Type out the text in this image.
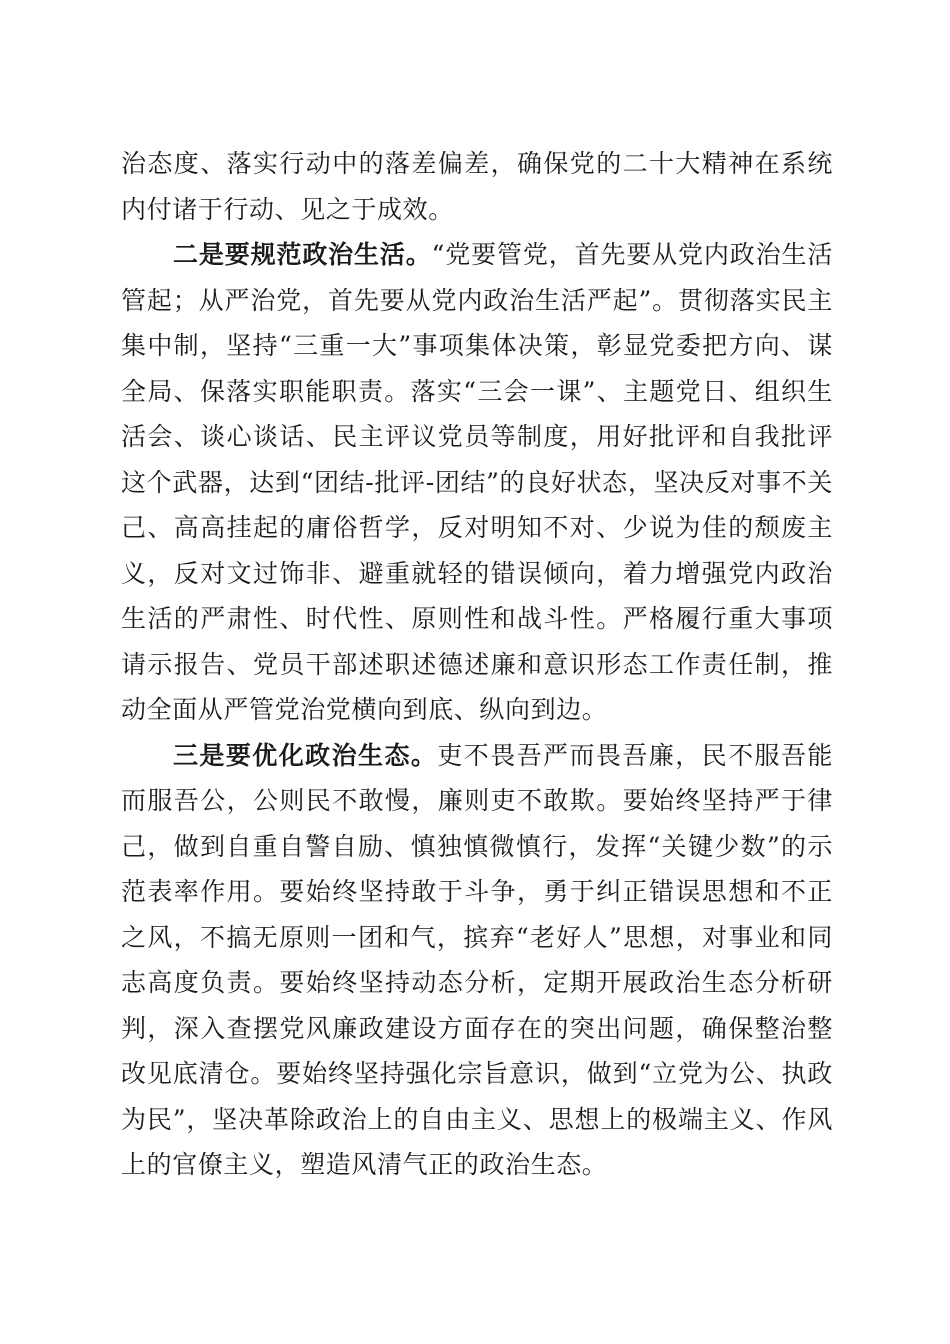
治态度、落实行动中的落差偏差，确保党的二十大精神在系统内付诸于行动、见之于成效。

二是要规范政治生活。“党要管党，首先要从党内政治生活管起；从严治党，首先要从党内政治生活严起”。贯彻落实民主集中制，坚持“三重一大”事项集体决策，彰显党委把方向、谋全局、保落实职能职责。落实“三会一课”、主题党日、组织生活会、谈心谈话、民主评议党员等制度，用好批评和自我批评这个武器，达到“团结-批评-团结”的良好状态，坚决反对事不关己、高高挂起的庸俗哲学，反对明知不对、少说为佳的颓废主义，反对文过饰非、避重就轻的错误倾向，着力增强党内政治生活的严肃性、时代性、原则性和战斗性。严格履行重大事项请示报告、党员干部述职述德述廉和意识形态工作责任制，推动全面从严管党治党横向到底、纵向到边。

三是要优化政治生态。吏不畏吾严而畏吾廉，民不服吾能而服吾公，公则民不敢慢，廉则吏不敢欺。要始终坚持严于律己，做到自重自警自励、慎独慎微慎行，发挥“关键少数”的示范表率作用。要始终坚持敢于斗争，勇于纠正错误思想和不正之风，不搞无原则一团和气，摈弃“老好人”思想，对事业和同志高度负责。要始终坚持动态分析，定期开展政治生态分析研判，深入查摆党风廉政建设方面存在的突出问题，确保整治整改见底清仓。要始终坚持强化宗旨意识，做到“立党为公、执政为民”，坚决革除政治上的自由主义、思想上的极端主义、作风上的官僚主义，塑造风清气正的政治生态。
